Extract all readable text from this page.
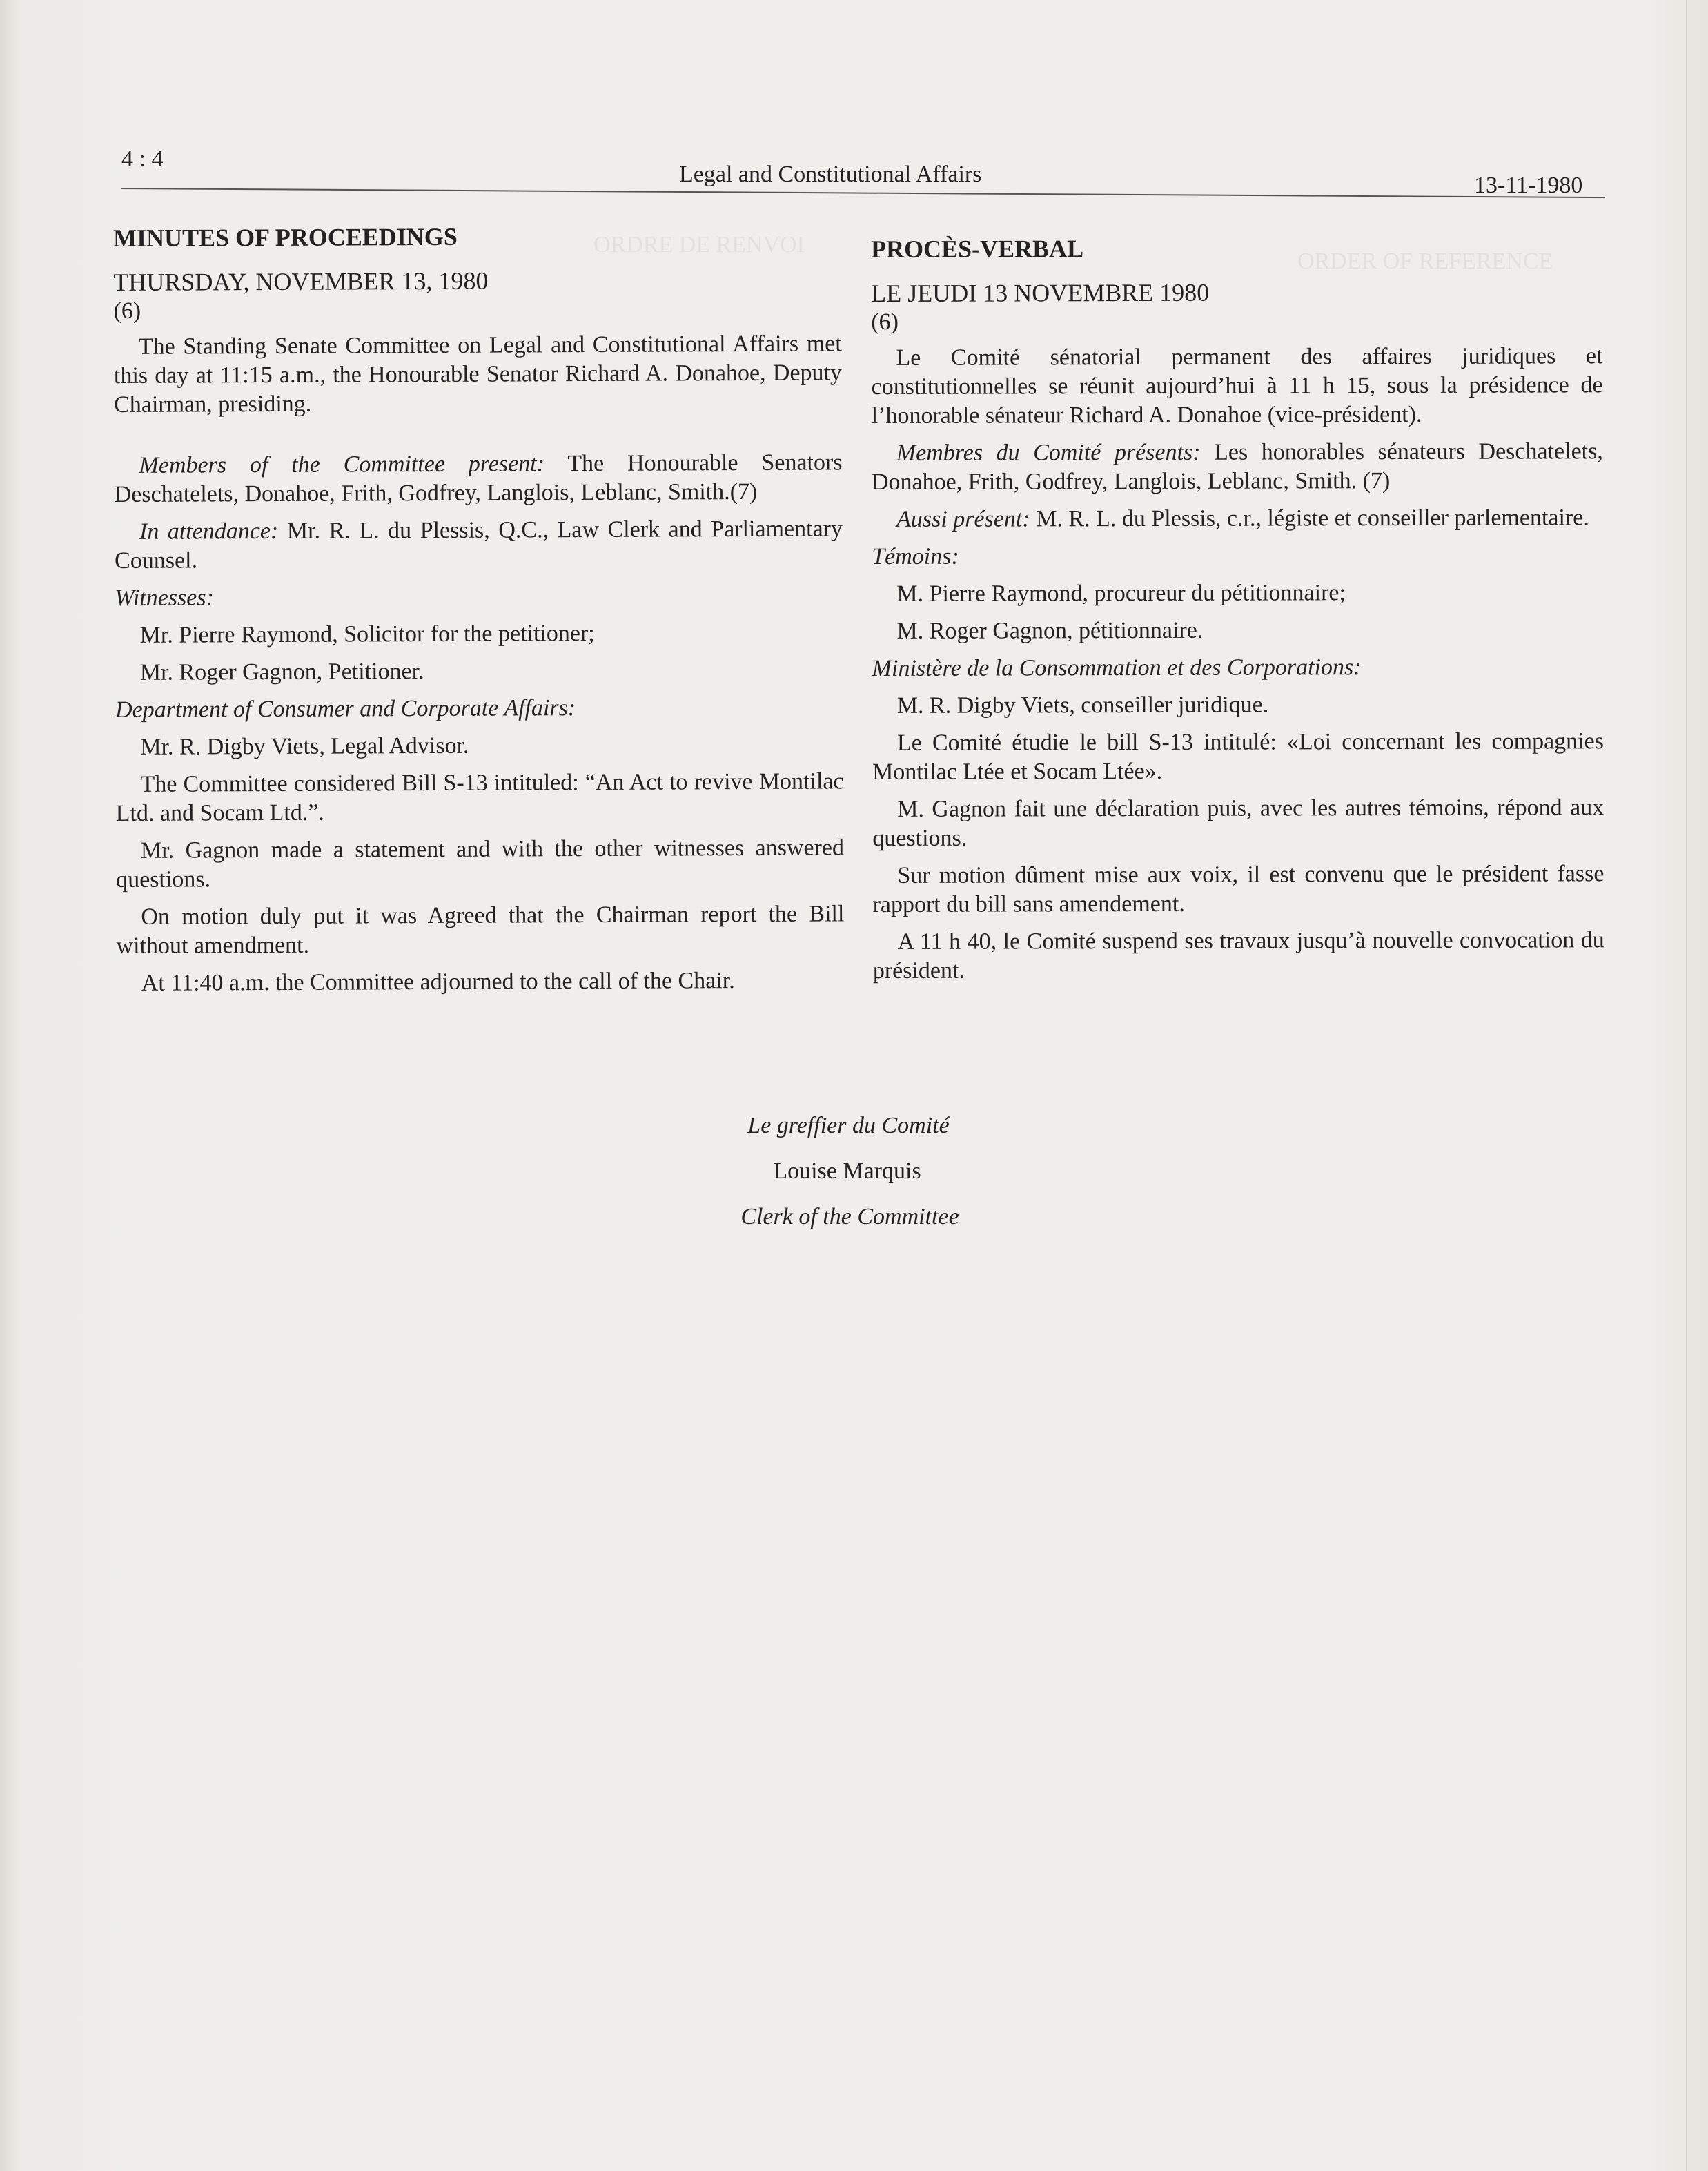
ORDRE DE RENVOI
ORDER OF REFERENCE
4 : 4
Legal and Constitutional Affairs	13-11-1980

MINUTES OF PROCEEDINGS

THURSDAY, NOVEMBER 13, 1980

(6)

The Standing Senate Committee on Legal and Constitutional Affairs met this day at 11:15 a.m., the Honourable Senator Richard A. Donahoe, Deputy Chairman, presiding.

Members of the Committee present: The Honourable Senators Deschatelets, Donahoe, Frith, Godfrey, Langlois, Leblanc, Smith.(7)

In attendance: Mr. R. L. du Plessis, Q.C., Law Clerk and Parliamentary Counsel.

Witnesses:

Mr. Pierre Raymond, Solicitor for the petitioner;

Mr. Roger Gagnon, Petitioner.

Department of Consumer and Corporate Affairs:

Mr. R. Digby Viets, Legal Advisor.

The Committee considered Bill S-13 intituled: “An Act to revive Montilac Ltd. and Socam Ltd.”.

Mr. Gagnon made a statement and with the other witnesses answered questions.

On motion duly put it was Agreed that the Chairman report the Bill without amendment.

At 11:40 a.m. the Committee adjourned to the call of the Chair.

PROCÈS-VERBAL

LE JEUDI 13 NOVEMBRE 1980

(6)

Le Comité sénatorial permanent des affaires juridiques et constitutionnelles se réunit aujourd’hui à 11 h 15, sous la présidence de l’honorable sénateur Richard A. Donahoe (vice-président).

Membres du Comité présents: Les honorables sénateurs Deschatelets, Donahoe, Frith, Godfrey, Langlois, Leblanc, Smith. (7)

Aussi présent: M. R. L. du Plessis, c.r., légiste et conseiller parlementaire.

Témoins:

M. Pierre Raymond, procureur du pétitionnaire;

M. Roger Gagnon, pétitionnaire.

Ministère de la Consommation et des Corporations:

M. R. Digby Viets, conseiller juridique.

Le Comité étudie le bill S-13 intitulé: «Loi concernant les compagnies Montilac Ltée et Socam Ltée».

M. Gagnon fait une déclaration puis, avec les autres témoins, répond aux questions.

Sur motion dûment mise aux voix, il est convenu que le président fasse rapport du bill sans amendement.

A 11 h 40, le Comité suspend ses travaux jusqu’à nouvelle convocation du président.

Le greffier du Comité
Louise Marquis
Clerk of the Committee
